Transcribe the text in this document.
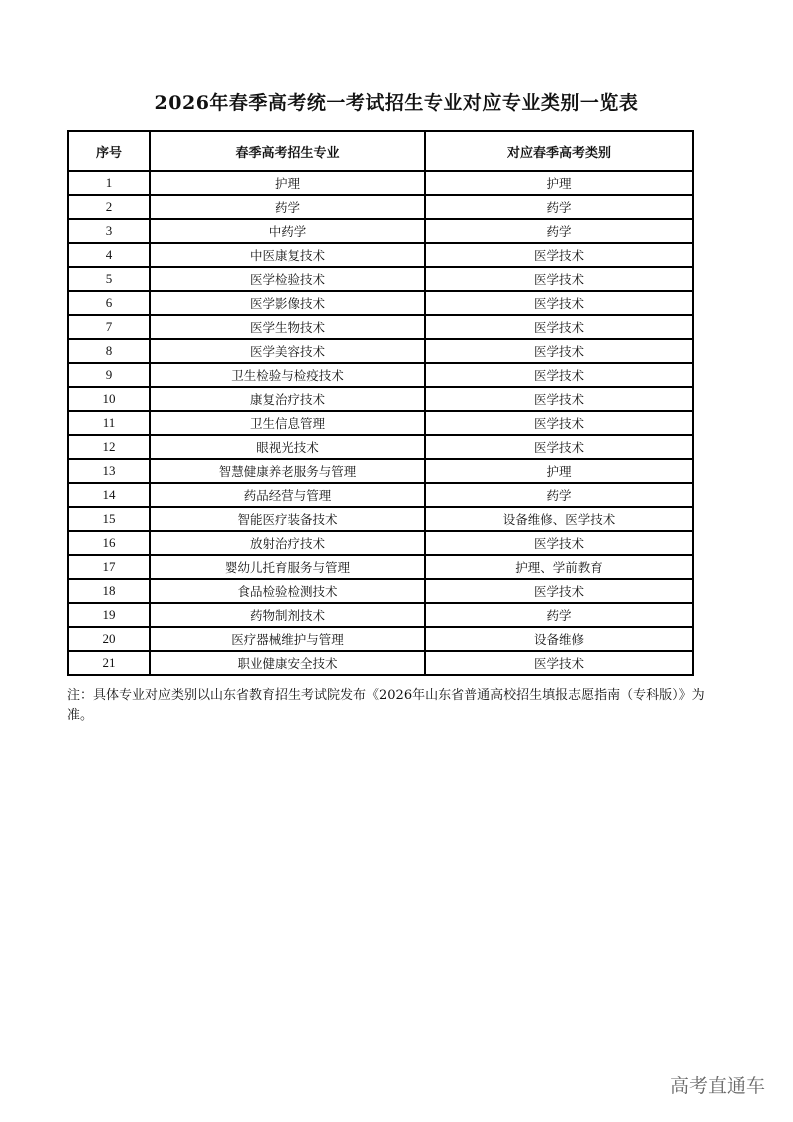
2026年春季高考统一考试招生专业对应专业类别一览表
序号	春季高考招生专业	对应春季高考类别
1	护理	护理
2	药学	药学
3	中药学	药学
4	中医康复技术	医学技术
5	医学检验技术	医学技术
6	医学影像技术	医学技术
7	医学生物技术	医学技术
8	医学美容技术	医学技术
9	卫生检验与检疫技术	医学技术
10	康复治疗技术	医学技术
11	卫生信息管理	医学技术
12	眼视光技术	医学技术
13	智慧健康养老服务与管理	护理
14	药品经营与管理	药学
15	智能医疗装备技术	设备维修、医学技术
16	放射治疗技术	医学技术
17	婴幼儿托育服务与管理	护理、学前教育
18	食品检验检测技术	医学技术
19	药物制剂技术	药学
20	医疗器械维护与管理	设备维修
21	职业健康安全技术	医学技术
注：具体专业对应类别以山东省教育招生考试院发布《2026年山东省普通高校招生填报志愿指南（专科版）》为准。
高考直通车
